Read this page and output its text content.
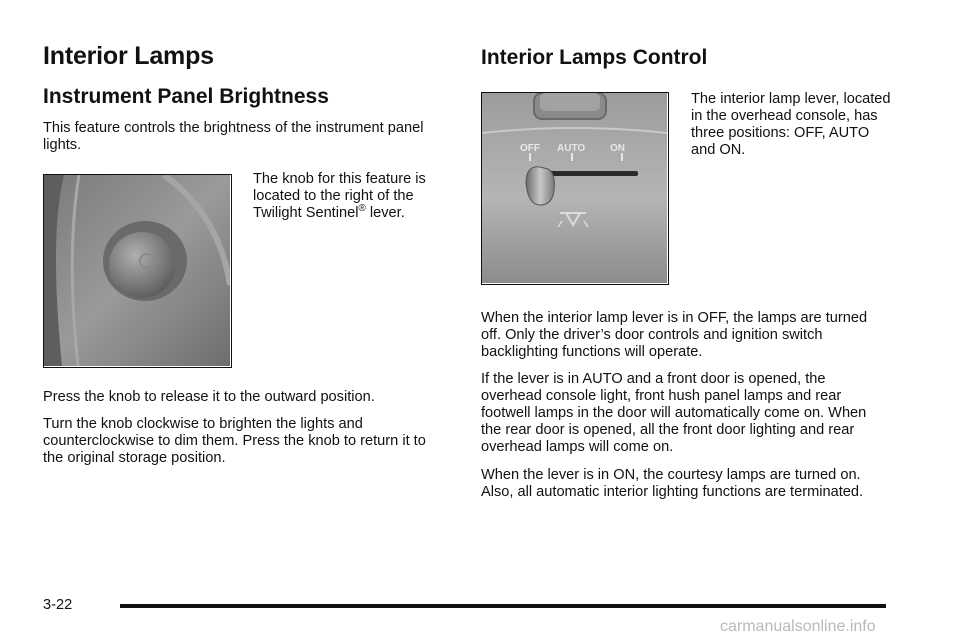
Interior Lamps
Instrument Panel Brightness

This feature controls the brightness of the instrument panel lights.

The knob for this feature is
located to the right of the
Twilight Sentinel® lever.

Press the knob to release it to the outward position.

Turn the knob clockwise to brighten the lights and counterclockwise to dim them. Press the knob to return it to the original storage position.

Interior Lamps Control
OFF AUTO ON

The interior lamp lever, located in the overhead console, has three positions: OFF, AUTO and ON.

When the interior lamp lever is in OFF, the lamps are turned off. Only the driver’s door controls and ignition switch backlighting functions will operate.

If the lever is in AUTO and a front door is opened, the overhead console light, front hush panel lamps and rear footwell lamps in the door will automatically come on. When the rear door is opened, all the front door lighting and rear overhead lamps will come on.

When the lever is in ON, the courtesy lamps are turned on. Also, all automatic interior lighting functions are terminated.

3-22
carmanualsonline.info
